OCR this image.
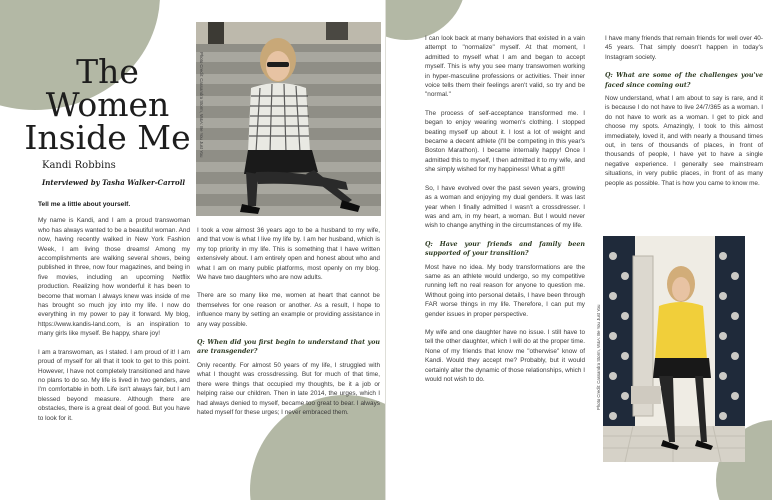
The
Women
Inside Me
Kandi Robbins
Interviewed by Tasha Walker-Carroll

Tell me a little about yourself.

My name is Kandi, and I am a proud transwoman who has always wanted to be a beautiful woman. And now, having recently walked in New York Fashion Week, I am living those dreams! Among my accomplishments are walking several shows, being published in three, now four magazines, and being in five movies, including an upcoming Netflix production. Realizing how wonderful it has been to become that woman I always knew was inside of me has brought so much joy into my life. I now do everything in my power to pay it forward. My blog, https://www.kandis-land.com, is an inspiration to many girls like myself. Be happy, share joy!

I am a transwoman, as I stated. I am proud of it! I am proud of myself for all that it took to get to this point. However, I have not completely transitioned and have no plans to do so. My life is lived in two genders, and I'm comfortable in both. Life isn't always fair, but I am blessed beyond measure. Although there are obstacles, there is a great deal of good. But you have to look for it.

Photo Credit: Cassandra Storm, W&A: Be You Just You

I took a vow almost 36 years ago to be a husband to my wife, and that vow is what I live my life by. I am her husband, which is my top priority in my life. This is something that I have written extensively about. I am entirely open and honest about who and what I am on many public platforms, most openly on my blog. We have two daughters who are now adults.

There are so many like me, women at heart that cannot be themselves for one reason or another. As a result, I hope to influence many by setting an example or providing assistance in any way possible.

Q: When did you first begin to understand that you are transgender?

Only recently. For almost 50 years of my life, I struggled with what I thought was crossdressing. But for much of that time, there were things that occupied my thoughts, be it a job or helping raise our children. Then in late 2014, the urges, which I had always denied to myself, became too great to bear. I always hated myself for these urges; I never embraced them.

I can look back at many behaviors that existed in a vain attempt to "normalize" myself. At that moment, I admitted to myself what I am and began to accept myself. This is why you see many transwomen working in hyper-masculine professions or activities. Their inner voice tells them their feelings aren't valid, so try and be "normal."

The process of self-acceptance transformed me. I began to enjoy wearing women's clothing. I stopped beating myself up about it. I lost a lot of weight and became a decent athlete (I'll be competing in this year's Boston Marathon). I became internally happy! Once I admitted this to myself, I then admitted it to my wife, and she simply wished for my happiness! What a gift!!

So, I have evolved over the past seven years, growing as a woman and enjoying my dual genders. It was last year when I finally admitted I wasn't a crossdresser. I was and am, in my heart, a woman. But I would never wish to change anything in the circumstances of my life.

Q: Have your friends and family been supported of your transition?

Most have no idea. My body transformations are the same as an athlete would undergo, so my competitive running left no real reason for anyone to question me. Without going into personal details, I have been through FAR worse things in my life. Therefore, I can put my gender issues in proper perspective.

My wife and one daughter have no issue. I still have to tell the other daughter, which I will do at the proper time. None of my friends that know me "otherwise" know of Kandi. Would they accept me? Probably, but it would certainly alter the dynamic of those relationships, which I would not wish to do.

I have many friends that remain friends for well over 40-45 years. That simply doesn't happen in today's Instagram society.

Q: What are some of the challenges you've faced since coming out?

Now understand, what I am about to say is rare, and it is because I do not have to live 24/7/365 as a woman. I do not have to work as a woman. I get to pick and choose my spots. Amazingly, I took to this almost immediately, loved it, and with nearly a thousand times out, in tens of thousands of places, in front of thousands of people, I have yet to have a single negative experience. I generally see mainstream situations, in very public places, in front of as many people as possible. That is how you came to know me.

Photo Credit: Cassandra Storm, W&A: Be You Just You
